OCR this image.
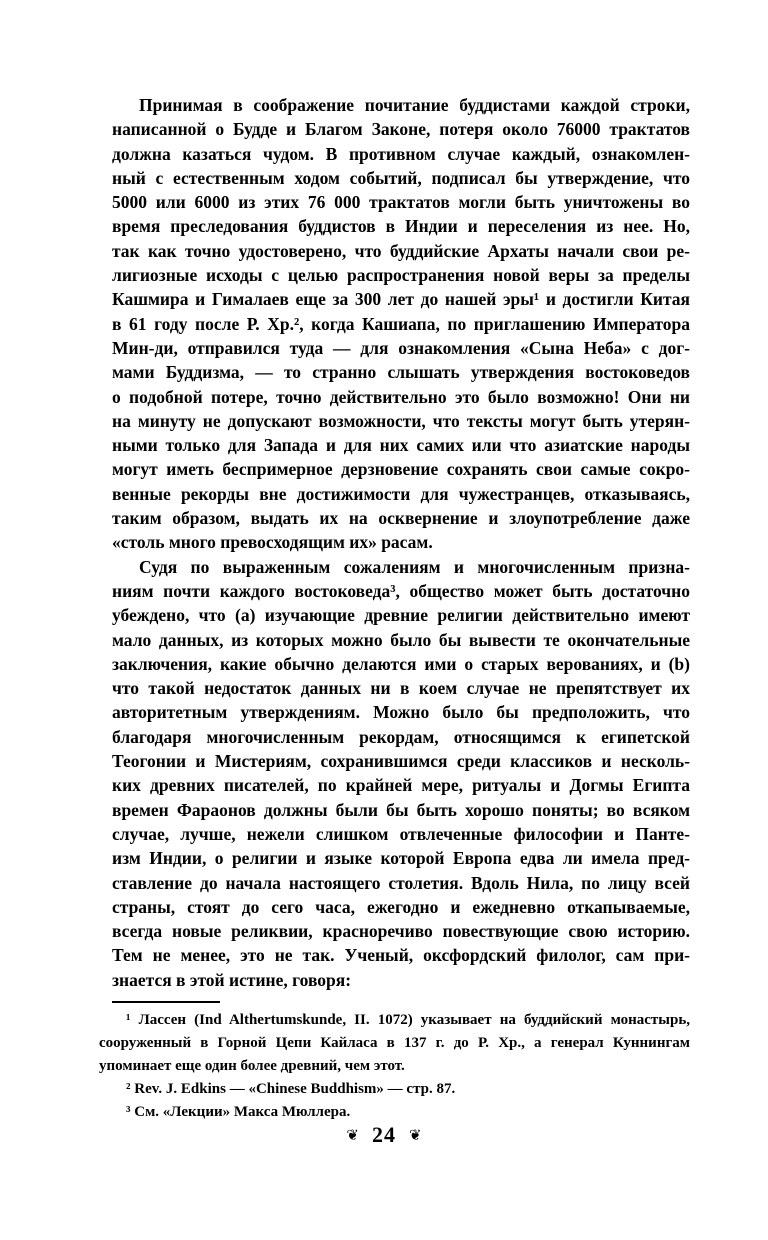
Принимая в соображение почитание буддистами каждой строки,
написанной о Будде и Благом Законе, потеря около 76000 трактатов
должна казаться чудом. В противном случае каждый, ознакомлен-
ный с естественным ходом событий, подписал бы утверждение, что
5000 или 6000 из этих 76 000 трактатов могли быть уничтожены во
время преследования буддистов в Индии и переселения из нее. Но,
так как точно удостоверено, что буддийские Архаты начали свои ре-
лигиозные исходы с целью распространения новой веры за пределы
Кашмира и Гималаев еще за 300 лет до нашей эры¹ и достигли Китая
в 61 году после Р. Хр.², когда Кашиапа, по приглашению Императора
Мин-ди, отправился туда — для ознакомления «Сына Неба» с дог-
мами Буддизма, — то странно слышать утверждения востоковедов
о подобной потере, точно действительно это было возможно! Они ни
на минуту не допускают возможности, что тексты могут быть утерян-
ными только для Запада и для них самих или что азиатские народы
могут иметь беспримерное дерзновение сохранять свои самые сокро-
венные рекорды вне достижимости для чужестранцев, отказываясь,
таким образом, выдать их на осквернение и злоупотребление даже
«столь много превосходящим их» расам.
Судя по выраженным сожалениям и многочисленным призна-
ниям почти каждого востоковеда³, общество может быть достаточно
убеждено, что (a) изучающие древние религии действительно имеют
мало данных, из которых можно было бы вывести те окончательные
заключения, какие обычно делаются ими о старых верованиях, и (b)
что такой недостаток данных ни в коем случае не препятствует их
авторитетным утверждениям. Можно было бы предположить, что
благодаря многочисленным рекордам, относящимся к египетской
Теогонии и Мистериям, сохранившимся среди классиков и несколь-
ких древних писателей, по крайней мере, ритуалы и Догмы Египта
времен Фараонов должны были бы быть хорошо поняты; во всяком
случае, лучше, нежели слишком отвлеченные философии и Панте-
изм Индии, о религии и языке которой Европа едва ли имела пред-
ставление до начала настоящего столетия. Вдоль Нила, по лицу всей
страны, стоят до сего часа, ежегодно и ежедневно откапываемые,
всегда новые реликвии, красноречиво повествующие свою историю.
Тем не менее, это не так. Ученый, оксфордский филолог, сам при-
знается в этой истине, говоря:
¹ Лассен (Ind Althertumskunde, II. 1072) указывает на буддийский монастырь,
сооруженный в Горной Цепи Кайласа в 137 г. до Р. Хр., а генерал Куннингам
упоминает еще один более древний, чем этот.
² Rev. J. Edkins — «Chinese Buddhism» — стр. 87.
³ См. «Лекции» Макса Мюллера.
❦ 24 ❦
